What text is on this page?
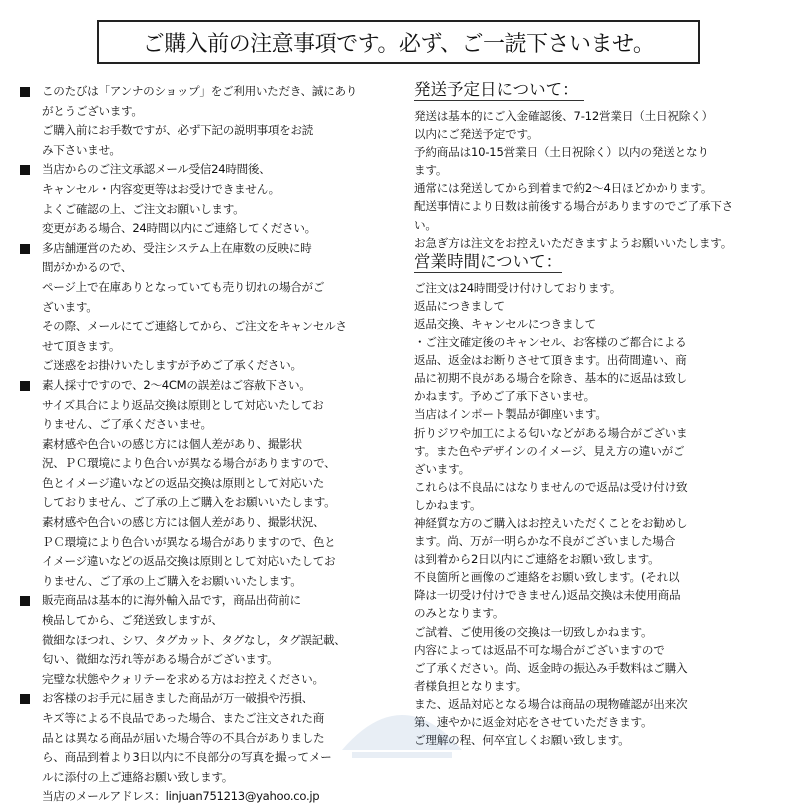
ご購入前の注意事項です。必ず、ご一読下さいませ。
このたびは「アンナのショップ」をご利用いただき、誠にあり
がとうございます。
ご購入前にお手数ですが、必ず下記の説明事項をお読
み下さいませ。
当店からのご注文承認メール受信24時間後、
キャンセル・内容変更等はお受けできません。
よくご確認の上、ご注文お願いします。
変更がある場合、24時間以内にご連絡してください。
多店舗運営のため、受注システム上在庫数の反映に時
間がかかるので、
ページ上で在庫ありとなっていても売り切れの場合がご
ざいます。
その際、メールにてご連絡してから、ご注文をキャンセルさ
せて頂きます。
ご迷惑をお掛けいたしますが予めご了承ください。
素人採寸ですので、2～4CMの誤差はご容赦下さい。
サイズ具合により返品交換は原則として対応いたしてお
りません、ご了承くださいませ。
素材感や色合いの感じ方には個人差があり、撮影状
況、ＰＣ環境により色合いが異なる場合がありますので、
色とイメージ違いなどの返品交換は原則として対応いた
しておりません、ご了承の上ご購入をお願いいたします。
素材感や色合いの感じ方には個人差があり、撮影状況、
ＰＣ環境により色合いが異なる場合がありますので、色と
イメージ違いなどの返品交換は原則として対応いたしてお
りません、ご了承の上ご購入をお願いいたします。
販売商品は基本的に海外輸入品です，商品出荷前に
検品してから、ご発送致しますが、
微細なほつれ、シワ、タグカット、タグなし，タグ誤記載、
匂い、微細な汚れ等がある場合がございます。
完璧な状態やクォリテーを求める方はお控えください。
お客様のお手元に届きました商品が万一破損や汚損、
キズ等による不良品であった場合、またご注文された商
品とは異なる商品が届いた場合等の不具合がありました
ら、商品到着より3日以内に不良部分の写真を撮ってメー
ルに添付の上ご連絡お願い致します。
当店のメールアドレス：linjuan751213@yahoo.co.jp
発送予定日について：
発送は基本的にご入金確認後、7-12営業日（土日祝除く）
以内にご発送予定です。
予約商品は10-15営業日（土日祝除く）以内の発送となり
ます。
通常には発送してから到着まで約2～4日ほどかかります。
配送事情により日数は前後する場合がありますのでご了承下さ
い。
お急ぎ方は注文をお控えいただきますようお願いいたします。
営業時間について：
ご注文は24時間受け付けしております。
返品につきまして
返品交換、キャンセルにつきまして
・ご注文確定後のキャンセル、お客様のご都合による
返品、返金はお断りさせて頂きます。出荷間違い、商
品に初期不良がある場合を除き、基本的に返品は致し
かねます。予めご了承下さいませ。
当店はインポート製品が御座います。
折りジワや加工による匂いなどがある場合がございま
す。また色やデザインのイメージ、見え方の違いがご
ざいます。
これらは不良品にはなりませんので返品は受け付け致
しかねます。
神経質な方のご購入はお控えいただくことをお勧めし
ます。尚、万が一明らかな不良がございました場合
は到着から2日以内にご連絡をお願い致します。
不良箇所と画像のご連絡をお願い致します。(それ以
降は一切受け付けできません)返品交換は未使用商品
のみとなります。
ご試着、ご使用後の交換は一切致しかねます。
内容によっては返品不可な場合がございますので
ご了承ください。尚、返金時の振込み手数料はご購入
者様負担となります。
また、返品対応となる場合は商品の現物確認が出来次
第、速やかに返金対応をさせていただきます。
ご理解の程、何卒宜しくお願い致します。
